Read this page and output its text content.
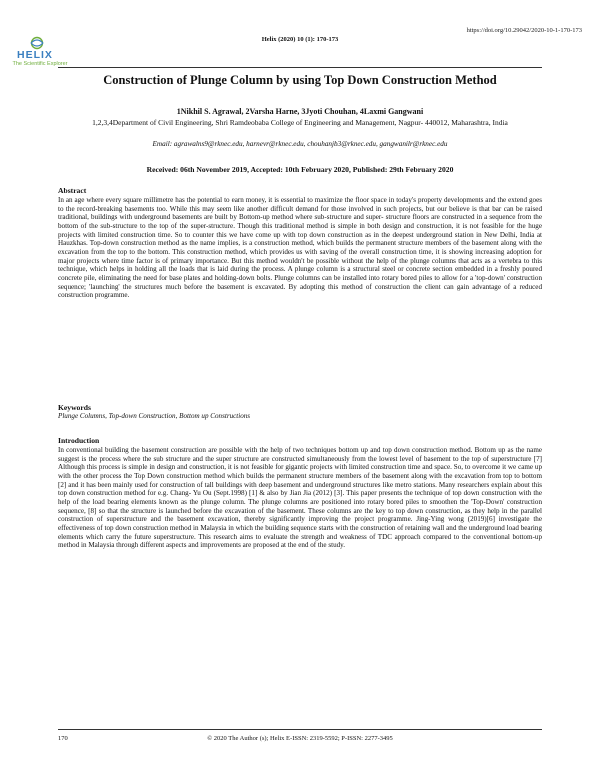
https://doi.org/10.29042/2020-10-1-170-173
HELIX
The Scientific Explorer
Helix (2020) 10 (1): 170-173
Construction of Plunge Column by using Top Down Construction Method
1Nikhil S. Agrawal, 2Varsha Harne, 3Jyoti Chouhan, 4Laxmi Gangwani
1,2,3,4Department of Civil Engineering, Shri Ramdeobaba College of Engineering and Management, Nagpur- 440012, Maharashtra, India
Email: agrawalns9@rknec.edu, harnevr@rknec.edu, chouhanjb3@rknec.edu, gangwanilr@rknec.edu
Received: 06th November 2019, Accepted: 10th February 2020, Published: 29th February 2020
Abstract

In an age where every square millimetre has the potential to earn money, it is essential to maximize the floor space in today's property developments and the extend goes to the record-breaking basements too. While this may seem like another difficult demand for those involved in such projects, but our believe is that bar can be raised traditional, buildings with underground basements are built by Bottom-up method where sub-structure and super- structure floors are constructed in a sequence from the bottom of the sub-structure to the top of the super-structure. Though this traditional method is simple in both design and construction, it is not feasible for the huge projects with limited construction time. So to counter this we have come up with top down construction as in the deepest underground station in New Delhi, India at Hauzkhas. Top-down construction method as the name implies, is a construction method, which builds the permanent structure members of the basement along with the excavation from the top to the bottom. This construction method, which provides us with saving of the overall construction time, it is showing increasing adoption for major projects where time factor is of primary importance. But this method wouldn't be possible without the help of the plunge columns that acts as a vertebra to this technique, which helps in holding all the loads that is laid during the process. A plunge column is a structural steel or concrete section embedded in a freshly poured concrete pile, eliminating the need for base plates and holding-down bolts. Plunge columns can be installed into rotary bored piles to allow for a 'top-down' construction sequence; 'launching' the structures much before the basement is excavated. By adopting this method of construction the client can gain advantage of a reduced construction programme.

Keywords
Plunge Columns, Top-down Construction, Bottom up Constructions
Introduction

In conventional building the basement construction are possible with the help of two techniques bottom up and top down construction method. Bottom up as the name suggest is the process where the sub structure and the super structure are constructed simultaneously from the lowest level of basement to the top of superstructure [7] Although this process is simple in design and construction, it is not feasible for gigantic projects with limited construction time and space. So, to overcome it we came up with the other process the Top Down construction method which builds the permanent structure members of the basement along with the excavation from top to bottom [2] and it has been mainly used for construction of tall buildings with deep basement and underground structures like metro stations. Many researchers explain about this top down construction method for e.g. Chang- Yu Ou (Sept.1998) [1] & also by Jian Jia (2012) [3]. This paper presents the technique of top down construction with the help of the load bearing elements known as the plunge column. The plunge columns are positioned into rotary bored piles to smoothen the 'Top-Down' construction sequence, [8] so that the structure is launched before the excavation of the basement. These columns are the key to top down construction, as they help in the parallel construction of superstructure and the basement excavation, thereby significantly improving the project programme. Jing-Ying wong (2019)[6] investigate the effectiveness of top down construction method in Malaysia in which the building sequence starts with the construction of retaining wall and the underground load bearing elements which carry the future superstructure. This research aims to evaluate the strength and weakness of TDC approach compared to the conventional bottom-up method in Malaysia through different aspects and improvements are proposed at the end of the study.

170	© 2020 The Author (s); Helix E-ISSN: 2319-5592; P-ISSN: 2277-3495
